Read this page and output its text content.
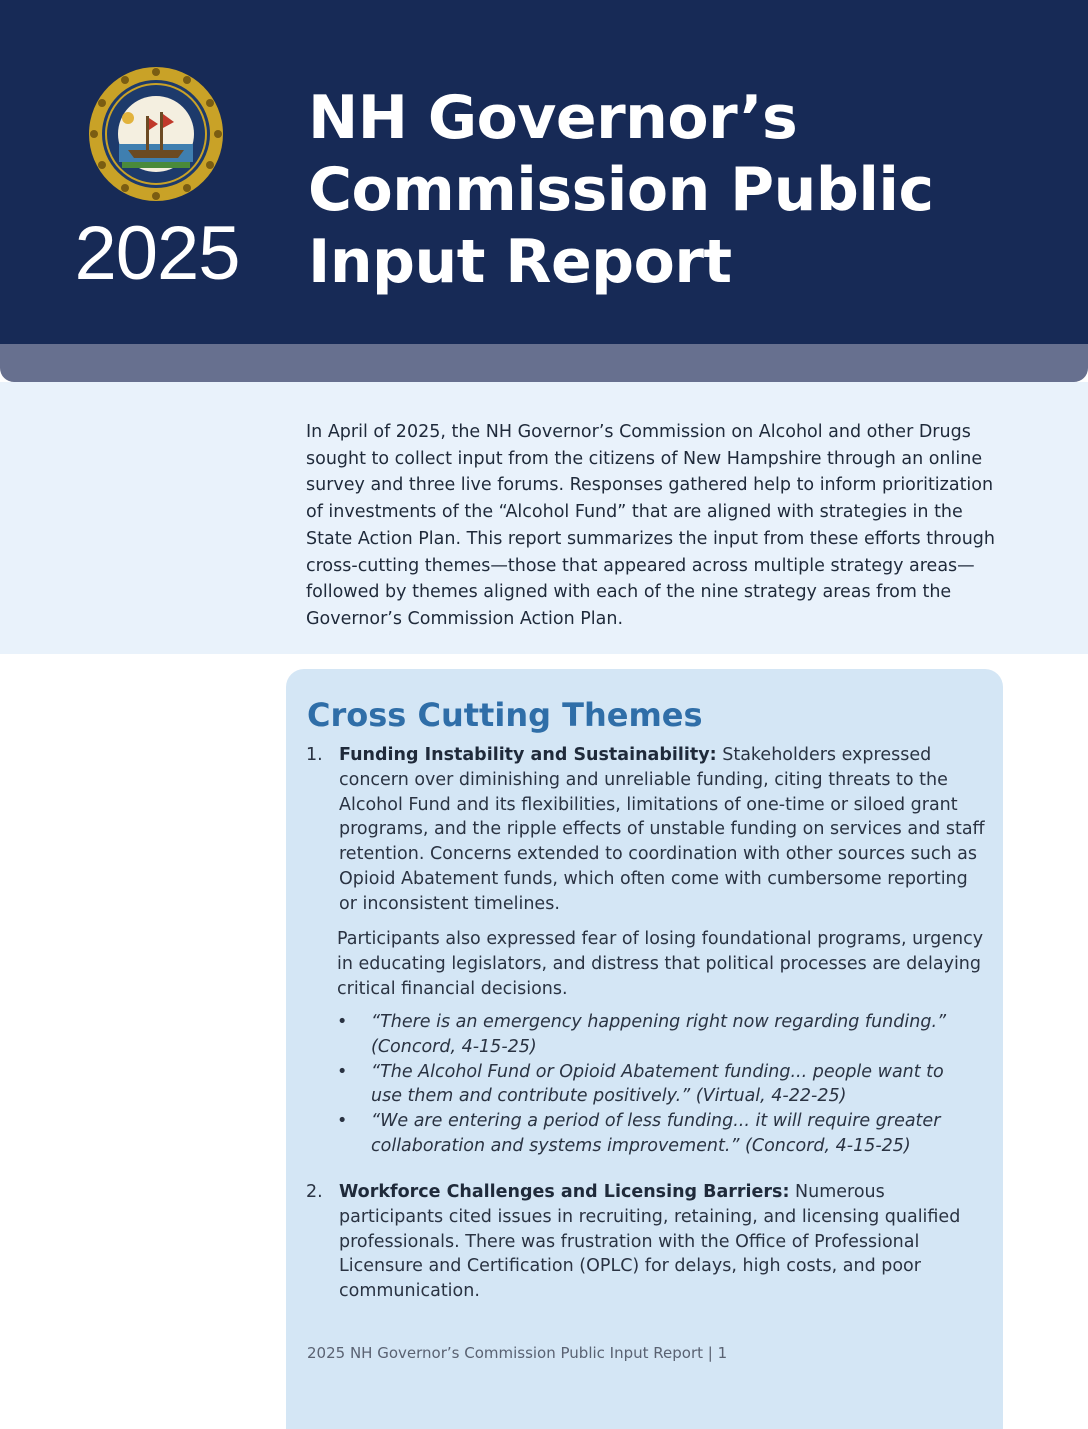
2025
NH Governor’s Commission Public Input Report

In April of 2025, the NH Governor’s Commission on Alcohol and other Drugs sought to collect input from the citizens of New Hampshire through an online survey and three live forums. Responses gathered help to inform prioritization of investments of the “Alcohol Fund” that are aligned with strategies in the State Action Plan. This report summarizes the input from these efforts through cross-cutting themes—those that appeared across multiple strategy areas—followed by themes aligned with each of the nine strategy areas from the Governor’s Commission Action Plan.

Cross Cutting Themes
1. Funding Instability and Sustainability: Stakeholders expressed concern over diminishing and unreliable funding, citing threats to the Alcohol Fund and its flexibilities, limitations of one-time or siloed grant programs, and the ripple effects of unstable funding on services and staff retention. Concerns extended to coordination with other sources such as Opioid Abatement funds, which often come with cumbersome reporting or inconsistent timelines.

Participants also expressed fear of losing foundational programs, urgency in educating legislators, and distress that political processes are delaying critical financial decisions.

• “There is an emergency happening right now regarding funding.” (Concord, 4-15-25)
• “The Alcohol Fund or Opioid Abatement funding... people want to use them and contribute positively.” (Virtual, 4-22-25)
• “We are entering a period of less funding... it will require greater collaboration and systems improvement.” (Concord, 4-15-25)
2. Workforce Challenges and Licensing Barriers: Numerous participants cited issues in recruiting, retaining, and licensing qualified professionals. There was frustration with the Office of Professional Licensure and Certification (OPLC) for delays, high costs, and poor communication.

2025 NH Governor’s Commission Public Input Report | 1
